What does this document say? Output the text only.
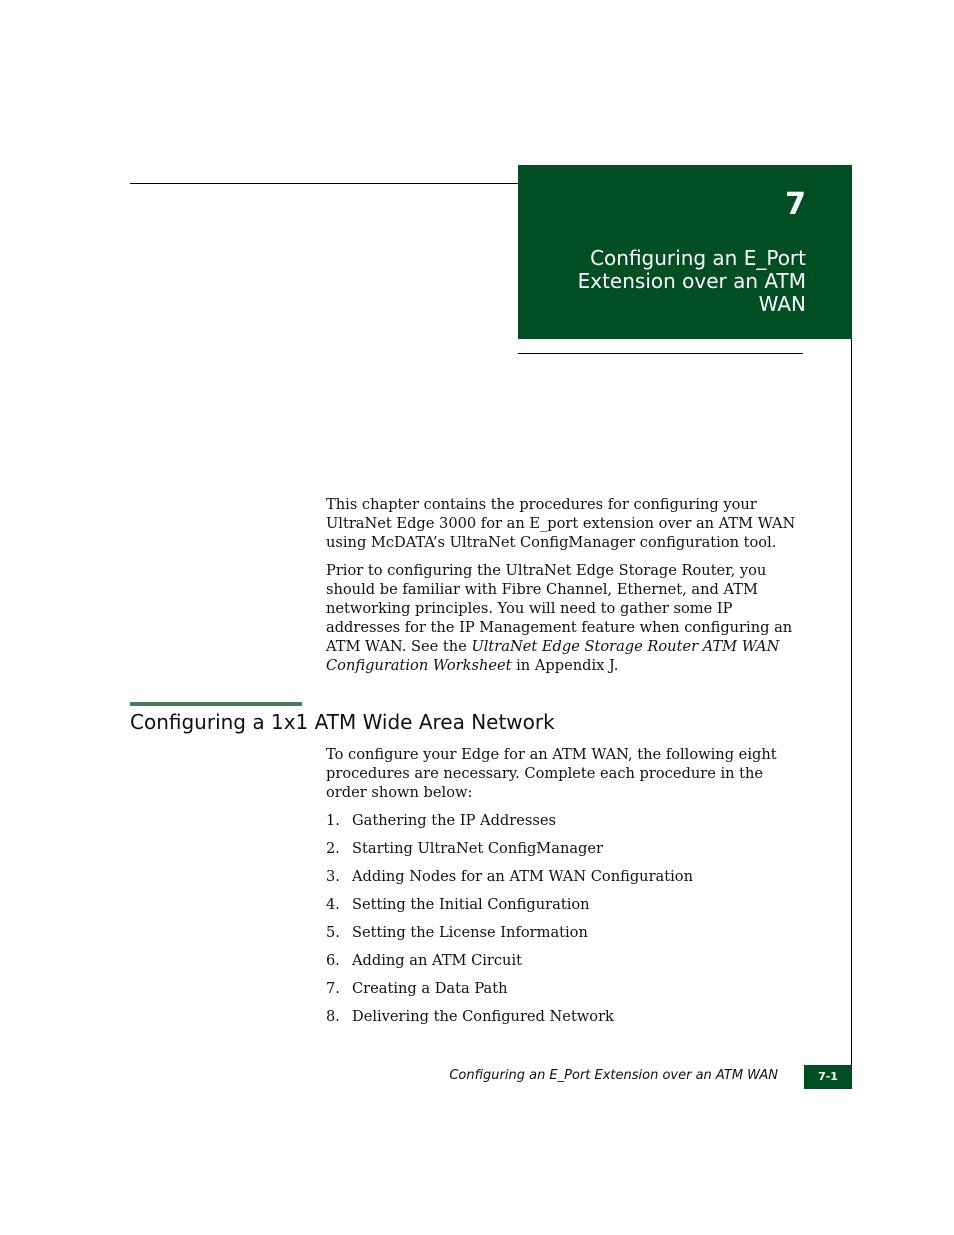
7
Configuring an E_Port Extension over an ATM WAN

This chapter contains the procedures for configuring your UltraNet Edge 3000 for an E_port extension over an ATM WAN using McDATA’s UltraNet ConfigManager configuration tool.

Prior to configuring the UltraNet Edge Storage Router, you should be familiar with Fibre Channel, Ethernet, and ATM networking principles. You will need to gather some IP addresses for the IP Management feature when configuring an ATM WAN. See the UltraNet Edge Storage Router ATM WAN Configuration Worksheet in Appendix J.

Configuring a 1x1 ATM Wide Area Network

To configure your Edge for an ATM WAN, the following eight procedures are necessary. Complete each procedure in the order shown below:

1. Gathering the IP Addresses
2. Starting UltraNet ConfigManager
3. Adding Nodes for an ATM WAN Configuration
4. Setting the Initial Configuration
5. Setting the License Information
6. Adding an ATM Circuit
7. Creating a Data Path
8. Delivering the Configured Network
Configuring an E_Port Extension over an ATM WAN	7-1
